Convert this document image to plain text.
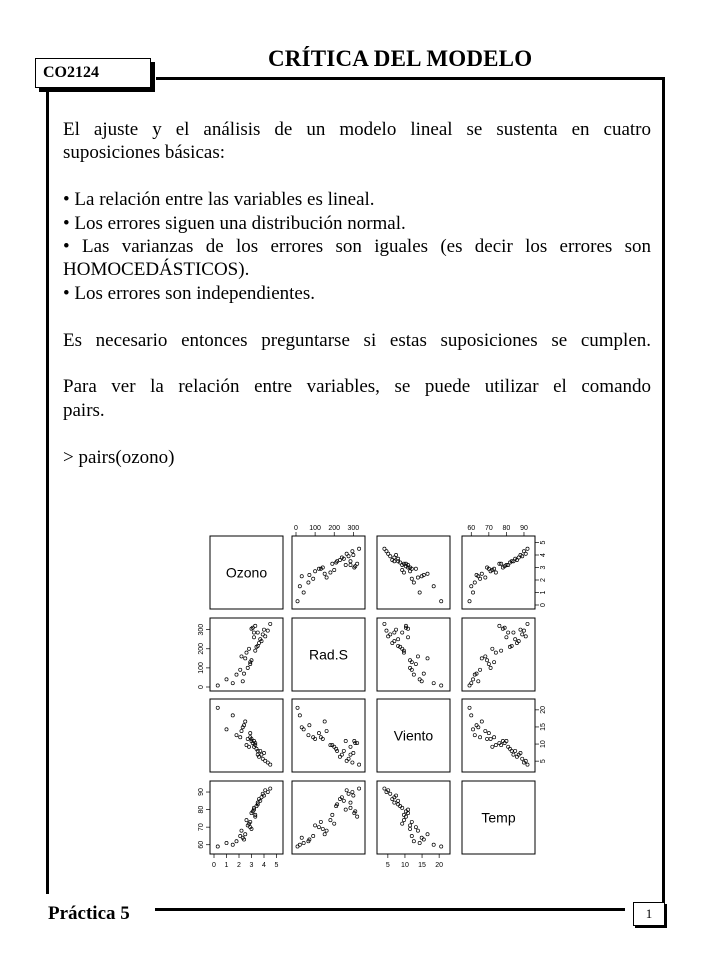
CO2124
CRÍTICA DEL MODELO

El ajuste y el análisis de un modelo lineal se sustenta en cuatro

suposiciones básicas:

• La relación entre las variables es lineal.

• Los errores siguen una distribución normal.

• Las varianzas de los errores son iguales (es decir los errores son

HOMOCEDÁSTICOS).

• Los errores son independientes.

Es necesario entonces preguntarse si estas suposiciones se cumplen.

Para ver la relación entre variables, se puede utilizar el comando

pairs.

> pairs(ozono)

Ozono
Rad.S
Viento
Temp
0 100 200 300	60 70 80 90
0 1 2 3 4 5	5 10 15 20
0
100
200
300
60
70
80
90
0
1
2
3
4
5
5
10
15
20
Práctica 5	1
